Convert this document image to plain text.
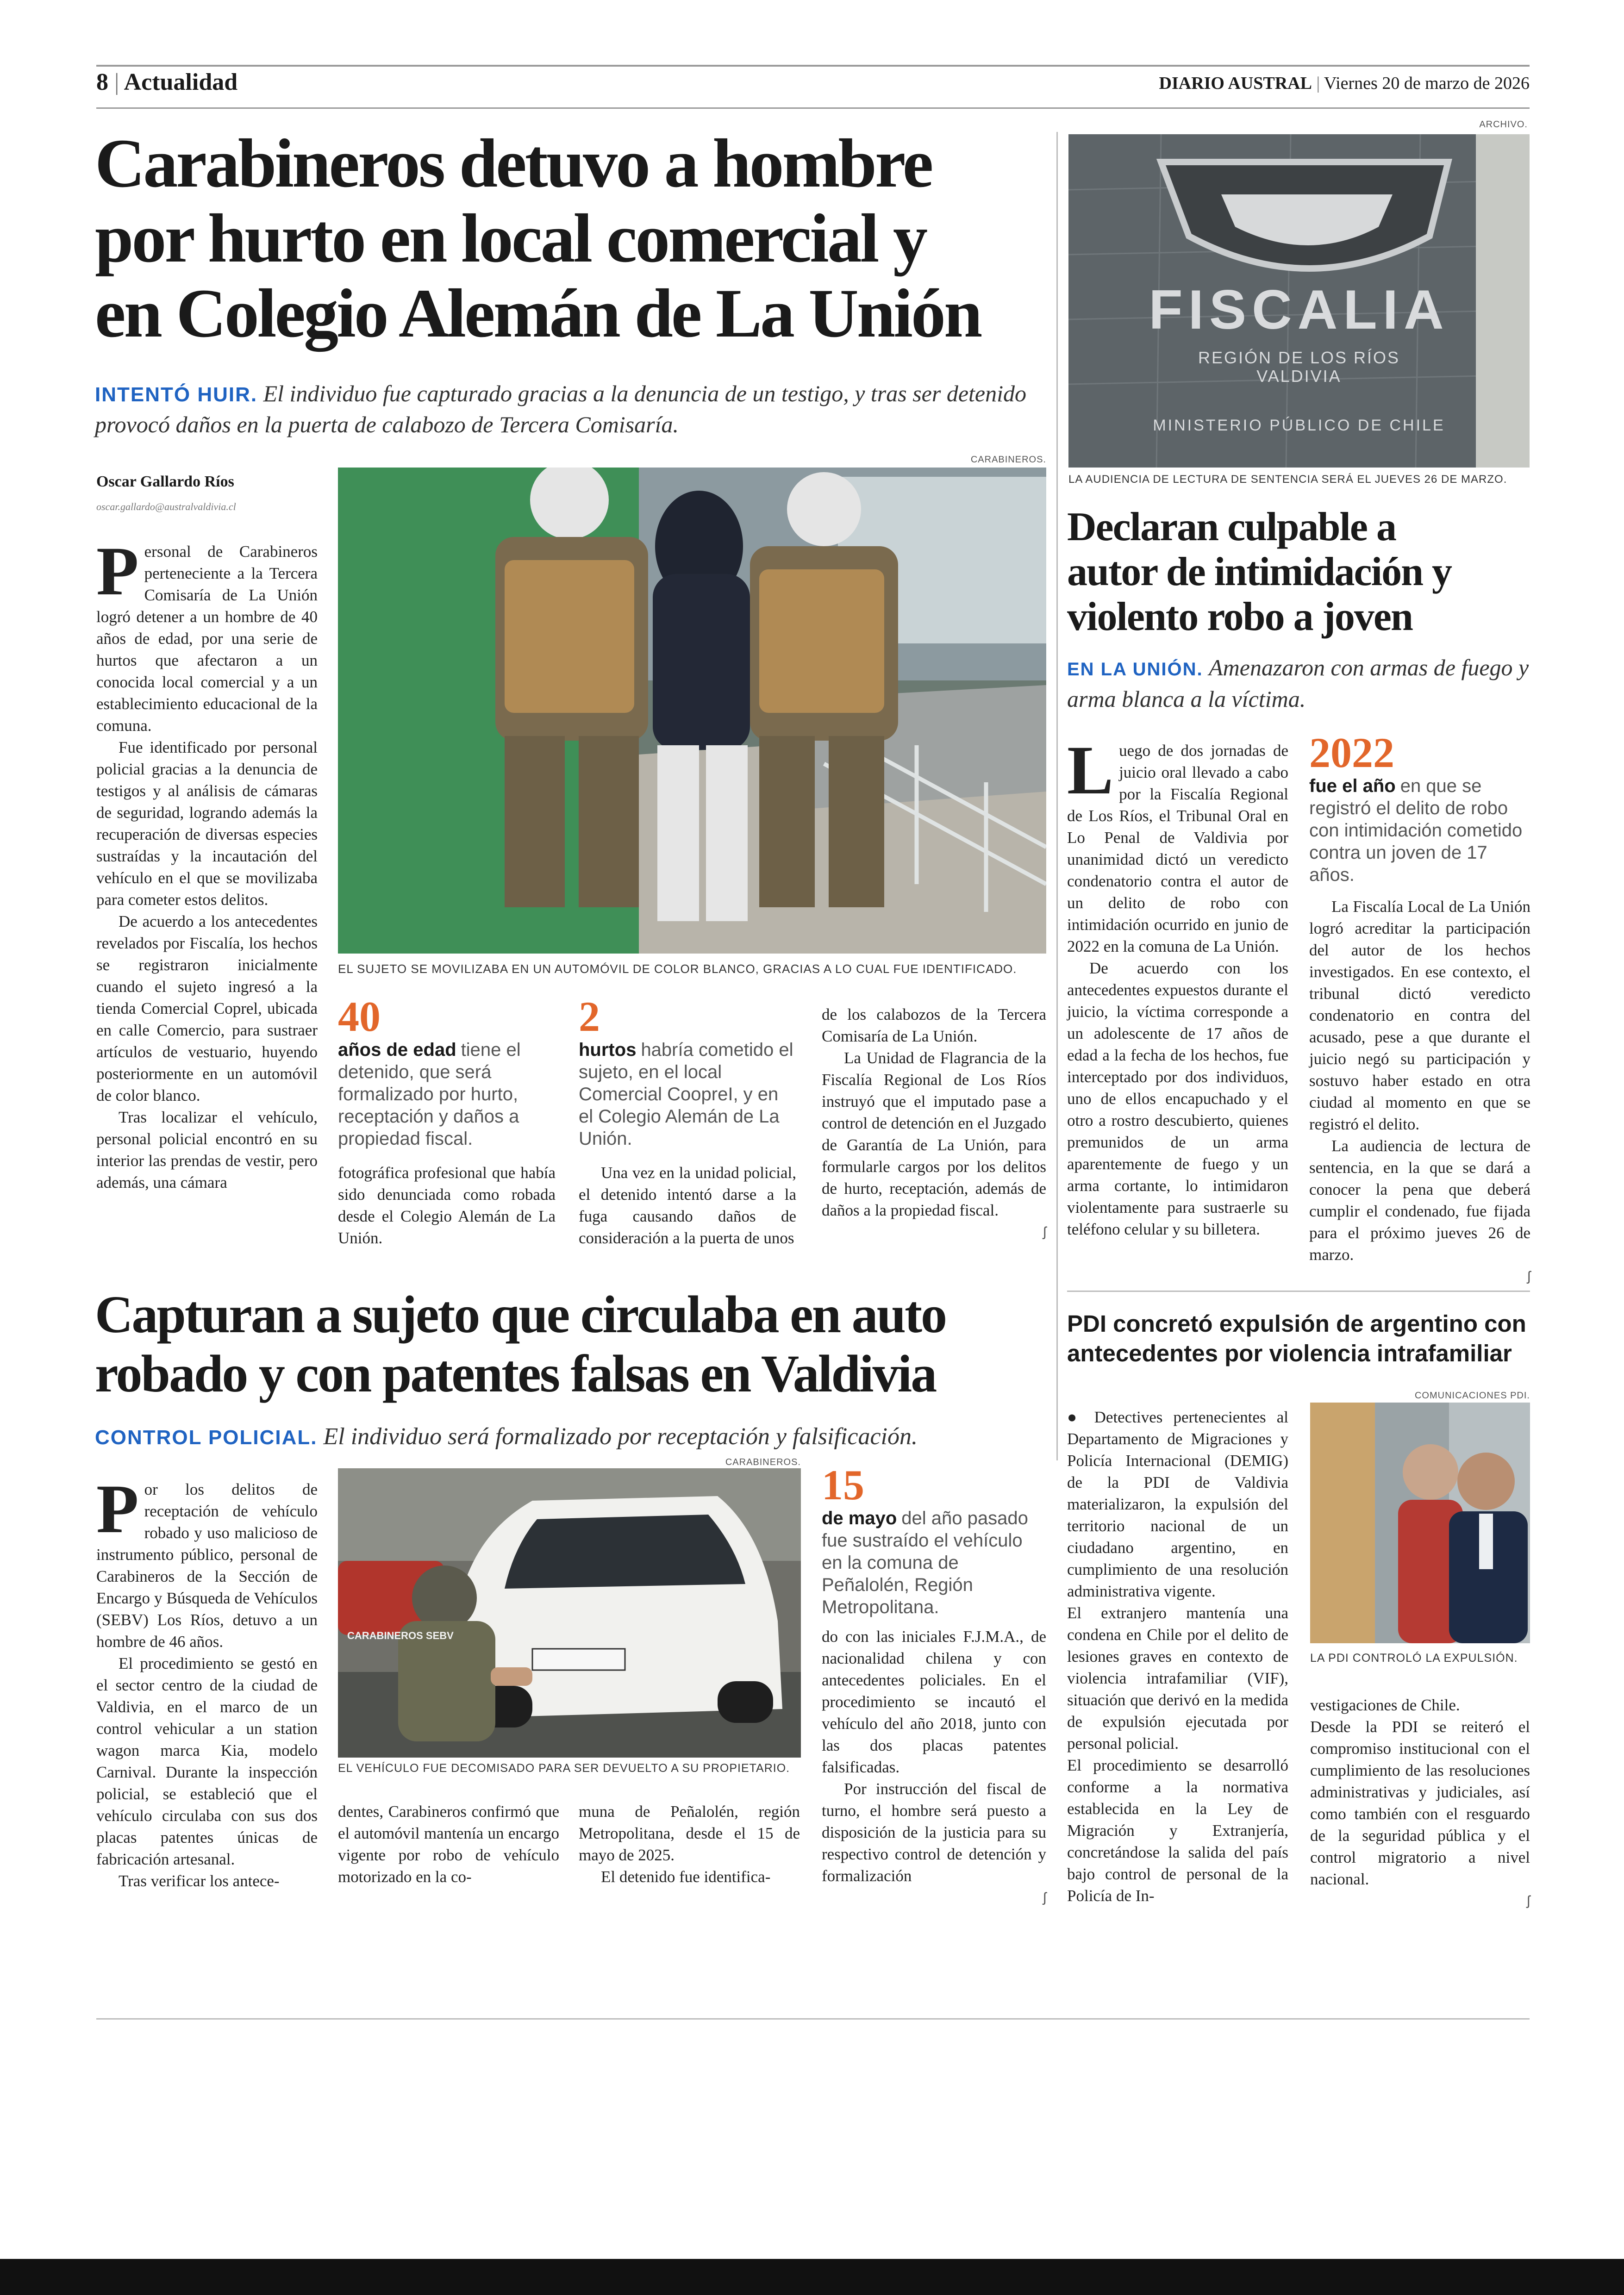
8 | Actualidad	DIARIO AUSTRAL | Viernes 20 de marzo de 2026
Carabineros detuvo a hombre
por hurto en local comercial y
en Colegio Alemán de La Unión
INTENTÓ HUIR. El individuo fue capturado gracias a la denuncia de un testigo, y tras ser detenido provocó daños en la puerta de calabozo de Tercera Comisaría.
Oscar Gallardo Ríos
oscar.gallardo@australvaldivia.cl
CARABINEROS.
EL SUJETO SE MOVILIZABA EN UN AUTOMÓVIL DE COLOR BLANCO, GRACIAS A LO CUAL FUE IDENTIFICADO.

Personal de Carabineros perteneciente a la Tercera Comisaría de La Unión logró detener a un hombre de 40 años de edad, por una serie de hurtos que afectaron a un conocida local comercial y a un establecimiento educacional de la comuna.

Fue identificado por personal policial gracias a la denuncia de testigos y al análisis de cámaras de seguridad, logrando además la recuperación de diversas especies sustraídas y la incautación del vehículo en el que se movilizaba para cometer estos delitos.

De acuerdo a los antecedentes revelados por Fiscalía, los hechos se registraron inicialmente cuando el sujeto ingresó a la tienda Comercial Coprel, ubicada en calle Comercio, para sustraer artículos de vestuario, huyendo posteriormente en un automóvil de color blanco.

Tras localizar el vehículo, personal policial encontró en su interior las prendas de vestir, pero además, una cámara

40
años de edad tiene el detenido, que será formalizado por hurto, receptación y daños a propiedad fiscal.

fotográfica profesional que había sido denunciada como robada desde el Colegio Alemán de La Unión.

2
hurtos habría cometido el sujeto, en el local Comercial CoopreI, y en el Colegio Alemán de La Unión.

Una vez en la unidad policial, el detenido intentó darse a la fuga causando daños de consideración a la puerta de unos

de los calabozos de la Tercera Comisaría de La Unión.

La Unidad de Flagrancia de la Fiscalía Regional de Los Ríos instruyó que el imputado pase a control de detención en el Juzgado de Garantía de La Unión, para formularle cargos por los delitos de hurto, receptación, además de daños a la propiedad fiscal.

ʃ
ARCHIVO.
FISCALIA
REGIÓN DE LOS RÍOS
VALDIVIA
MINISTERIO PÚBLICO DE CHILE
LA AUDIENCIA DE LECTURA DE SENTENCIA SERÁ EL JUEVES 26 DE MARZO.
Declaran culpable a
autor de intimidación y
violento robo a joven
EN LA UNIÓN. Amenazaron con armas de fuego y arma blanca a la víctima.

Luego de dos jornadas de juicio oral llevado a cabo por la Fiscalía Regional de Los Ríos, el Tribunal Oral en Lo Penal de Valdivia por unanimidad dictó un veredicto condenatorio contra el autor de un delito de robo con intimidación ocurrido en junio de 2022 en la comuna de La Unión.

De acuerdo con los antecedentes expuestos durante el juicio, la víctima corresponde a un adolescente de 17 años de edad a la fecha de los hechos, fue interceptado por dos individuos, uno de ellos encapuchado y el otro a rostro descubierto, quienes premunidos de un arma aparentemente de fuego y un arma cortante, lo intimidaron violentamente para sustraerle su teléfono celular y su billetera.

2022
fue el año en que se registró el delito de robo con intimidación cometido contra un joven de 17 años.

La Fiscalía Local de La Unión logró acreditar la participación del autor de los hechos investigados. En ese contexto, el tribunal dictó veredicto condenatorio en contra del acusado, pese a que durante el juicio negó su participación y sostuvo haber estado en otra ciudad al momento en que se registró el delito.

La audiencia de lectura de sentencia, en la que se dará a conocer la pena que deberá cumplir el condenado, fue fijada para el próximo jueves 26 de marzo.

ʃ
Capturan a sujeto que circulaba en auto
robado y con patentes falsas en Valdivia
CONTROL POLICIAL. El individuo será formalizado por receptación y falsificación.
CARABINEROS.
CARABINEROS SEBV
EL VEHÍCULO FUE DECOMISADO PARA SER DEVUELTO A SU PROPIETARIO.

Por los delitos de receptación de vehículo robado y uso malicioso de instrumento público, personal de Carabineros de la Sección de Encargo y Búsqueda de Vehículos (SEBV) Los Ríos, detuvo a un hombre de 46 años.

El procedimiento se gestó en el sector centro de la ciudad de Valdivia, en el marco de un control vehicular a un station wagon marca Kia, modelo Carnival. Durante la inspección policial, se estableció que el vehículo circulaba con sus dos placas patentes únicas de fabricación artesanal.

Tras verificar los antece-

dentes, Carabineros confirmó que el automóvil mantenía un encargo vigente por robo de vehículo motorizado en la co-

muna de Peñalolén, región Metropolitana, desde el 15 de mayo de 2025.

El detenido fue identifica-

15
de mayo del año pasado fue sustraído el vehículo en la comuna de Peñalolén, Región Metropolitana.

do con las iniciales F.J.M.A., de nacionalidad chilena y con antecedentes policiales. En el procedimiento se incautó el vehículo del año 2018, junto con las dos placas patentes falsificadas.

Por instrucción del fiscal de turno, el hombre será puesto a disposición de la justicia para su respectivo control de detención y formalización

ʃ
PDI concretó expulsión de argentino con
antecedentes por violencia intrafamiliar
COMUNICACIONES PDI.
LA PDI CONTROLÓ LA EXPULSIÓN.

● Detectives pertenecientes al Departamento de Migraciones y Policía Internacional (DEMIG) de la PDI de Valdivia materializaron, la expulsión del territorio nacional de un ciudadano argentino, en cumplimiento de una resolución administrativa vigente.

El extranjero mantenía una condena en Chile por el delito de lesiones graves en contexto de violencia intrafamiliar (VIF), situación que derivó en la medida de expulsión ejecutada por personal policial.

El procedimiento se desarrolló conforme a la normativa establecida en la Ley de Migración y Extranjería, concretándose la salida del país bajo control de personal de la Policía de In-

vestigaciones de Chile.

Desde la PDI se reiteró el compromiso institucional con el cumplimiento de las resoluciones administrativas y judiciales, así como también con el resguardo de la seguridad pública y el control migratorio a nivel nacional.

ʃ
